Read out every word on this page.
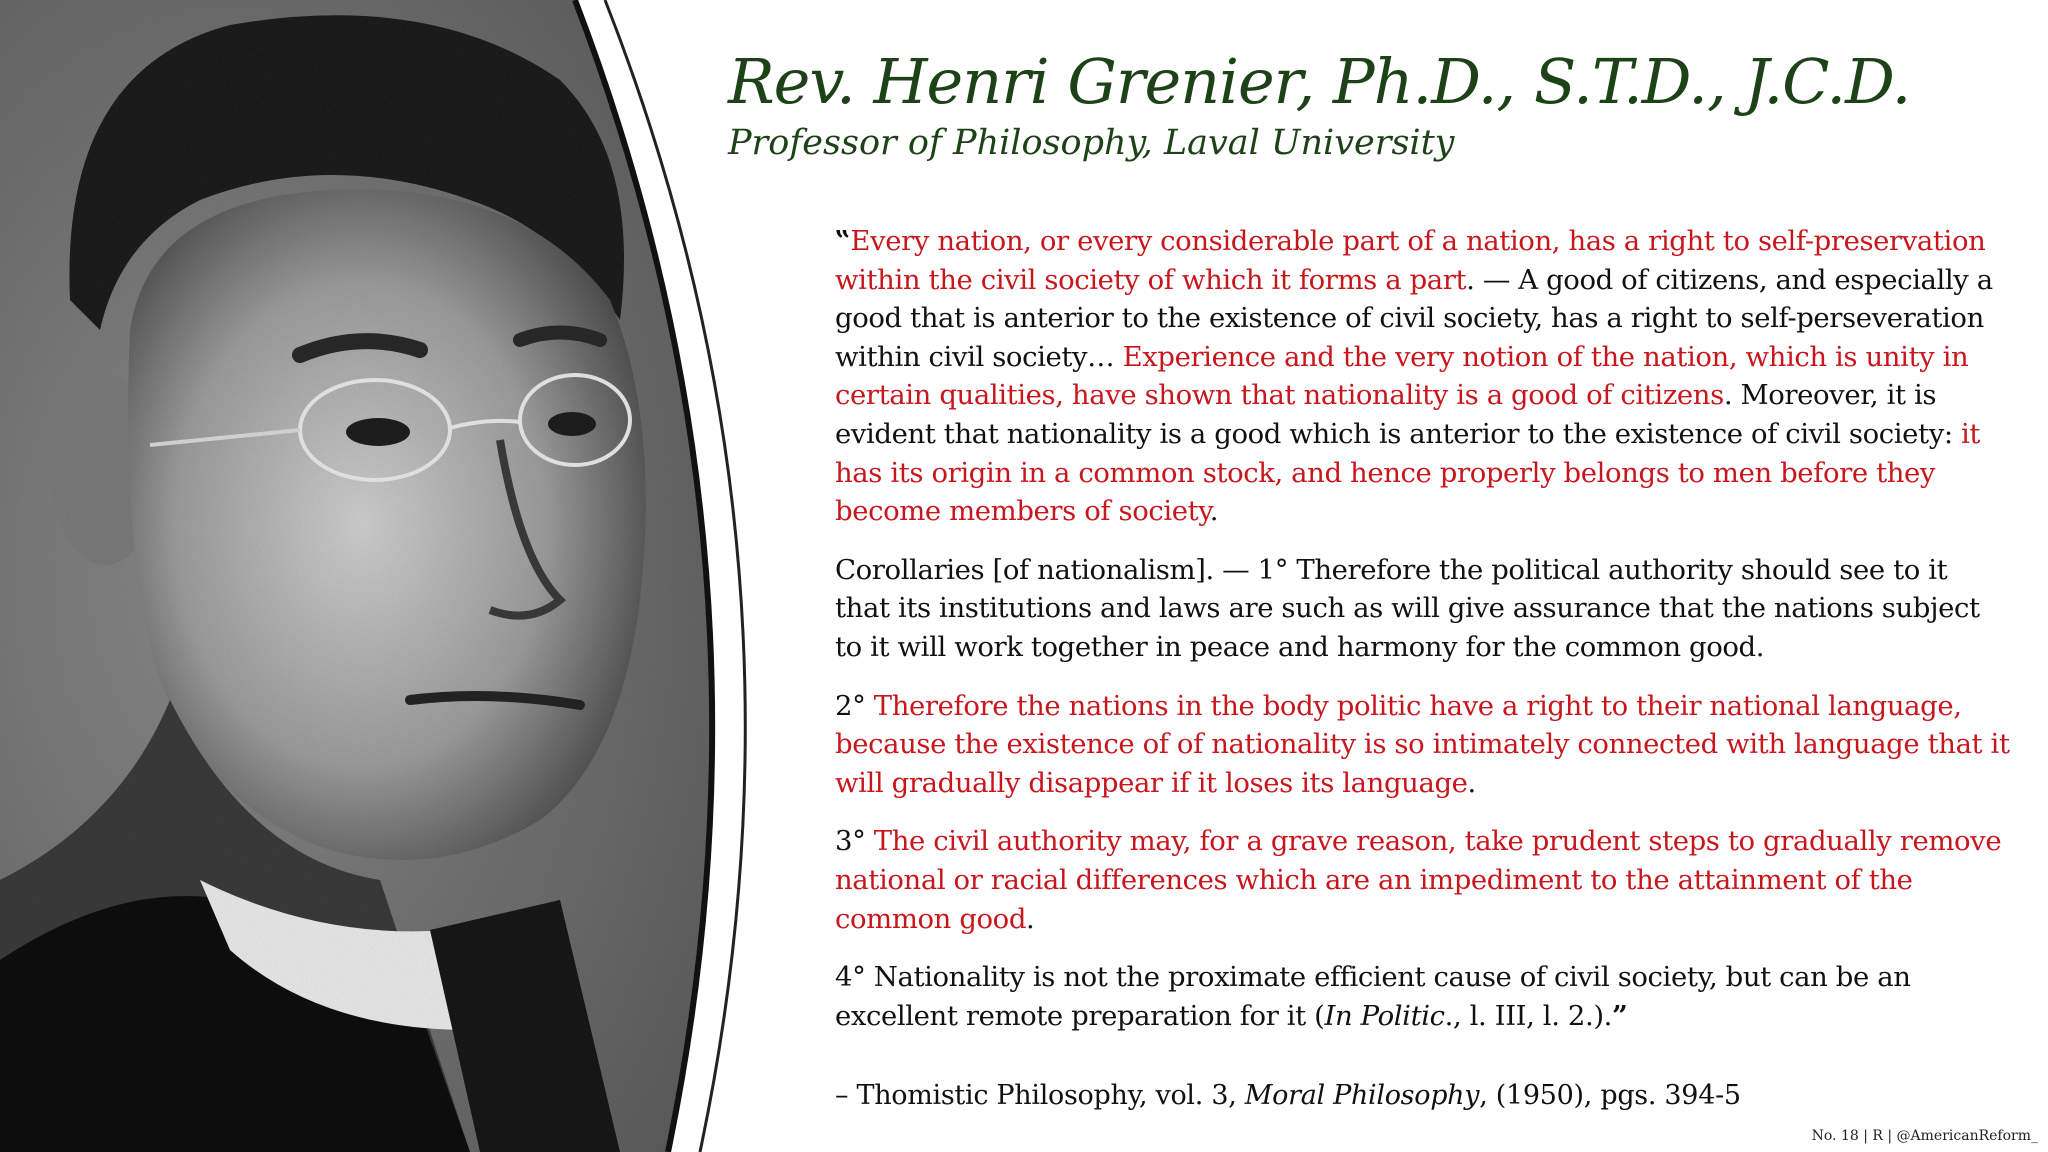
Rev. Henri Grenier, Ph.D., S.T.D., J.C.D.
Professor of Philosophy, Laval University

‟Every nation, or every considerable part of a nation, has a right to self-preservation within the civil society of which it forms a part. — A good of citizens, and especially a good that is anterior to the existence of civil society, has a right to self-perseveration within civil society… Experience and the very notion of the nation, which is unity in certain qualities, have shown that nationality is a good of citizens. Moreover, it is evident that nationality is a good which is anterior to the existence of civil society: it has its origin in a common stock, and hence properly belongs to men before they become members of society.

Corollaries [of nationalism]. — 1° Therefore the political authority should see to it that its institutions and laws are such as will give assurance that the nations subject to it will work together in peace and harmony for the common good.

2° Therefore the nations in the body politic have a right to their national language, because the existence of of nationality is so intimately connected with language that it will gradually disappear if it loses its language.

3° The civil authority may, for a grave reason, take prudent steps to gradually remove national or racial differences which are an impediment to the attainment of the common good.

4° Nationality is not the proximate efficient cause of civil society, but can be an excellent remote preparation for it (In Politic., l. III, l. 2.).”

– Thomistic Philosophy, vol. 3, Moral Philosophy, (1950), pgs. 394-5
No. 18 | R | @AmericanReform_
